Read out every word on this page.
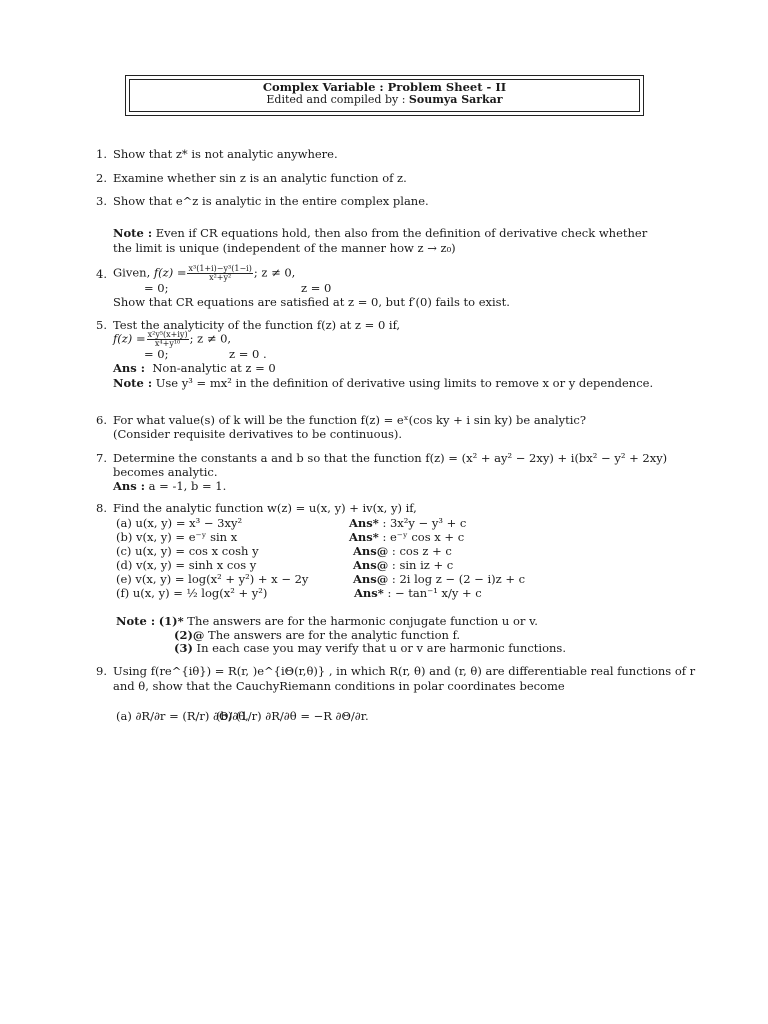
Complex Variable : Problem Sheet - II
Edited and compiled by : Soumya Sarkar
1. Show that z* is not analytic anywhere.
2. Examine whether sin z is an analytic function of z.
3. Show that e^z is analytic in the entire complex plane.
Note : Even if CR equations hold, then also from the definition of derivative check whether
the limit is unique (independent of the manner how z → z₀)
4. Given, $f(z) = \frac{\text{x³(1+i)−y³(1−i)}}{\text{x²+y²}}$ ; z ≠ 0,
= 0;	z = 0
Show that CR equations are satisfied at z = 0, but f′(0) fails to exist.
5. Test the analyticity of the function f(z) at z = 0 if,
$f(z) = \frac{\text{x²y⁵(x+iy)}}{\text{x⁴+y¹⁰}}$ ; z ≠ 0,
= 0;	z = 0 .
Ans : Non-analytic at z = 0
Note : Use y³ = mx² in the definition of derivative using limits to remove x or y dependence.
6. For what value(s) of k will be the function f(z) = eˣ(cos ky + i sin ky) be analytic?
(Consider requisite derivatives to be continuous).
7. Determine the constants a and b so that the function f(z) = (x² + ay² − 2xy) + i(bx² − y² + 2xy)
becomes analytic.
Ans : a = -1, b = 1.
8. Find the analytic function w(z) = u(x, y) + iv(x, y) if,
(a) u(x, y) = x³ − 3xy²	Ans* : 3x²y − y³ + c
(b) v(x, y) = e⁻ʸ sin x	Ans* : e⁻ʸ cos x + c
(c) u(x, y) = cos x cosh y	Ans@ : cos z + c
(d) v(x, y) = sinh x cos y	Ans@ : sin iz + c
(e) v(x, y) = log(x² + y²) + x − 2y	Ans@ : 2i log z − (2 − i)z + c
(f) u(x, y) = ½ log(x² + y²)	Ans* : − tan⁻¹ x/y + c
Note : (1)* The answers are for the harmonic conjugate function u or v.
(2)@ The answers are for the analytic function f.
(3) In each case you may verify that u or v are harmonic functions.
9. Using f(re^{iθ}) = R(r, )e^{iΘ(r,θ)} , in which R(r, θ) and (r, θ) are differentiable real functions of r
and θ, show that the CauchyRiemann conditions in polar coordinates become
(a) ∂R/∂r = (R/r) ∂Θ/∂θ,
(b) (1/r) ∂R/∂θ = −R ∂Θ/∂r.
